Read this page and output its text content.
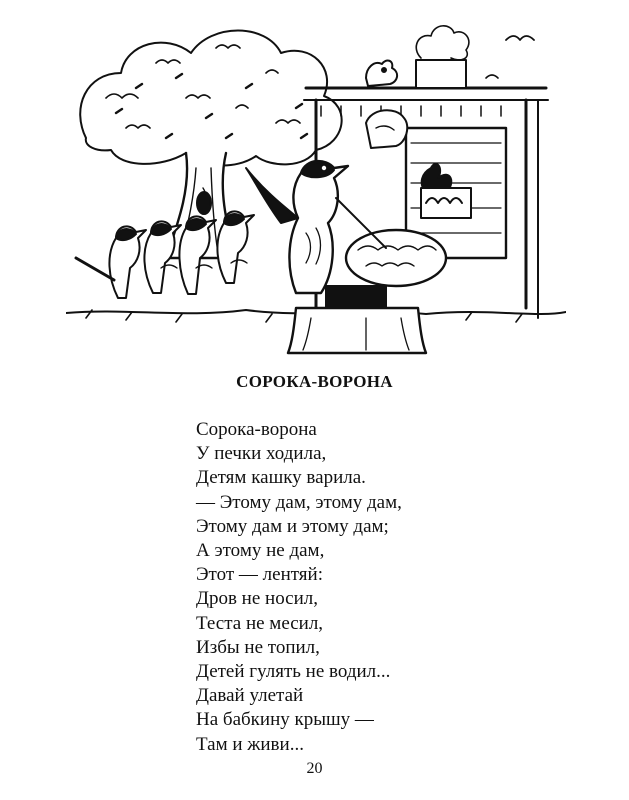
СОРОКА-ВОРОНА
Сорока-ворона
У печки ходила,
Детям кашку варила.
— Этому дам, этому дам,
Этому дам и этому дам;
А этому не дам,
Этот — лентяй:
Дров не носил,
Теста не месил,
Избы не топил,
Детей гулять не водил...
Давай улетай
На бабкину крышу —
Там и живи...
20
